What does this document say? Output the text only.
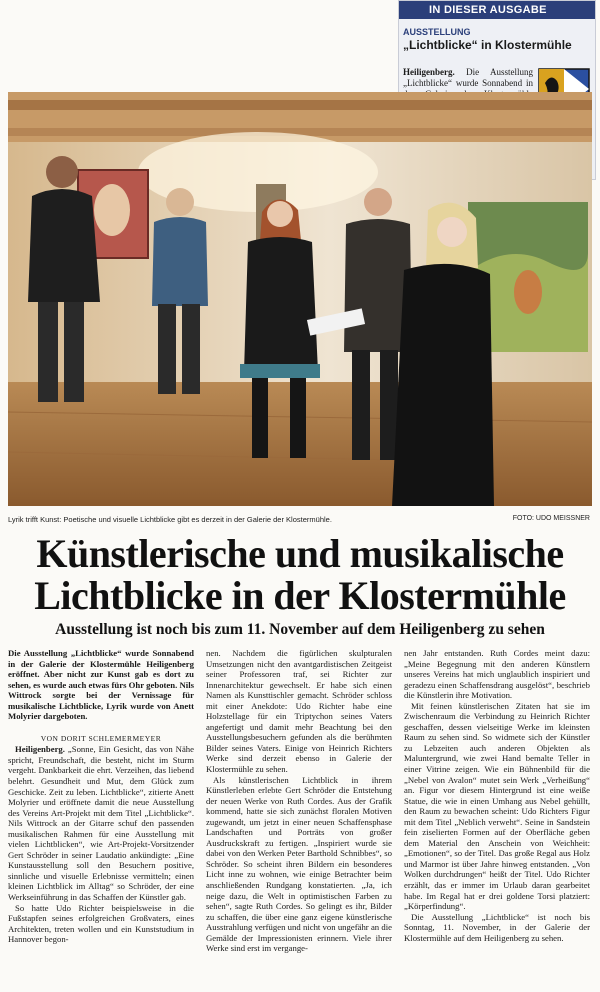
IN DIESER AUSGABE
AUSSTELLUNG
„Lichtblicke“ in Klostermühle
Heiligenberg. Die Ausstellung „Lichtblicke“ wurde Sonnabend in
Lyrik trifft Kunst: Poetische und visuelle Lichtblicke gibt es derzeit in der Galerie der Klostermühle.	FOTO: UDO MEISSNER
Künstlerische und musikalische
Lichtblicke in der Klostermühle
Ausstellung ist noch bis zum 11. November auf dem Heiligenberg zu sehen

Die Ausstellung „Lichtblicke“ wurde Sonnabend in der Galerie der Klostermühle Heiligenberg eröffnet. Aber nicht zur Kunst gab es dort zu sehen, es wurde auch etwas fürs Ohr geboten. Nils Wittrock sorgte bei der Vernissage für musikalische Lichtblicke, Lyrik wurde von Anett Molyrier dargeboten.

VON DORIT SCHLEMERMEYER

Heiligenberg. „Sonne, Ein Gesicht, das von Nähe spricht, Freundschaft, die besteht, nicht im Sturm vergeht. Dankbarkeit die ehrt. Verzeihen, das liebend belehrt. Gesundheit und Mut, dem Glück zum Geschicke. Zeit zu leben. Lichtblicke“, zitierte Anett Molyrier und eröffnete damit die neue Ausstellung des Vereins Art-Projekt mit dem Titel „Lichtblicke“. Nils Wittrock an der Gitarre schuf den passenden musikalischen Rahmen für eine Ausstellung mit vielen Lichtblicken“, wie Art-Projekt-Vorsitzender Gert Schröder in seiner Laudatio ankündigte: „Eine Kunstausstellung soll den Besuchern positive, sinnliche und visuelle Erlebnisse vermitteln; einen kleinen Lichtblick im Alltag“ so Schröder, der eine Werkseinführung in das Schaffen der Künstler gab.

So hatte Udo Richter beispielsweise in die Fußstapfen seines erfolgreichen Großvaters, eines Architekten, treten wollen und ein Kunststudium in Hannover begon-

nen. Nachdem die figürlichen skulpturalen Umsetzungen nicht den avantgardistischen Zeitgeist seiner Professoren traf, sei Richter zur Innenarchitektur gewechselt. Er habe sich einen Namen als Kunsttischler gemacht. Schröder schloss mit einer Anekdote: Udo Richter habe eine Holzstellage für ein Triptychon seines Vaters angefertigt und damit mehr Beachtung bei den Ausstellungsbesuchern gefunden als die berühmten Bilder seines Vaters. Einige von Heinrich Richters Werke sind derzeit ebenso in Galerie der Klostermühle zu sehen.

Als künstlerischen Lichtblick in ihrem Künstlerleben erlebte Gert Schröder die Entstehung der neuen Werke von Ruth Cordes. Aus der Grafik kommend, hatte sie sich zunächst floralen Motiven zugewandt, um jetzt in einer neuen Schaffensphase Landschaften und Porträts von großer Ausdruckskraft zu fertigen. „Inspiriert wurde sie dabei von den Werken Peter Barthold Schnibbes“, so Schröder. So scheint ihren Bildern ein besonderes Licht inne zu wohnen, wie einige Betrachter beim anschließenden Rundgang konstatierten. „Ja, ich neige dazu, die Welt in optimistischen Farben zu sehen“, sagte Ruth Cordes. So gelingt es ihr, Bilder zu schaffen, die über eine ganz eigene künstlerische Ausstrahlung verfügen und nicht von ungefähr an die Gemälde der Impressionisten erinnern. Viele ihrer Werke sind erst im vergange-

nen Jahr entstanden. Ruth Cordes meint dazu: „Meine Begegnung mit den anderen Künstlern unseres Vereins hat mich unglaublich inspiriert und geradezu einen Schaffensdrang ausgelöst“, beschrieb die Künstlerin ihre Motivation.

Mit feinen künstlerischen Zitaten hat sie im Zwischenraum die Verbindung zu Heinrich Richter geschaffen, dessen vielseitige Werke im kleinsten Raum zu sehen sind. So widmete sich der Künstler zu Lebzeiten auch anderen Objekten als Maluntergrund, wie zwei Hand bemalte Teller in einer Vitrine zeigen. Wie ein Bühnenbild für die „Nebel von Avalon“ mutet sein Werk „Verheißung“ an. Figur vor diesem Hintergrund ist eine weiße Statue, die wie in einen Umhang aus Nebel gehüllt, den Raum zu bewachen scheint: Udo Richters Figur mit dem Titel „Neblich verweht“. Seine in Sandstein fein ziselierten Formen auf der Oberfläche geben dem Material den Anschein von Weichheit: „Emotionen“, so der Titel. Das große Regal aus Holz und Marmor ist über Jahre hinweg entstanden. „Von Wolken durchdrungen“ heißt der Titel. Udo Richter erzählt, das er immer im Urlaub daran gearbeitet habe. Im Regal hat er drei goldene Torsi platziert: „Körperfindung“.

Die Ausstellung „Lichtblicke“ ist noch bis Sonntag, 11. November, in der Galerie der Klostermühle auf dem Heiligenberg zu sehen.
